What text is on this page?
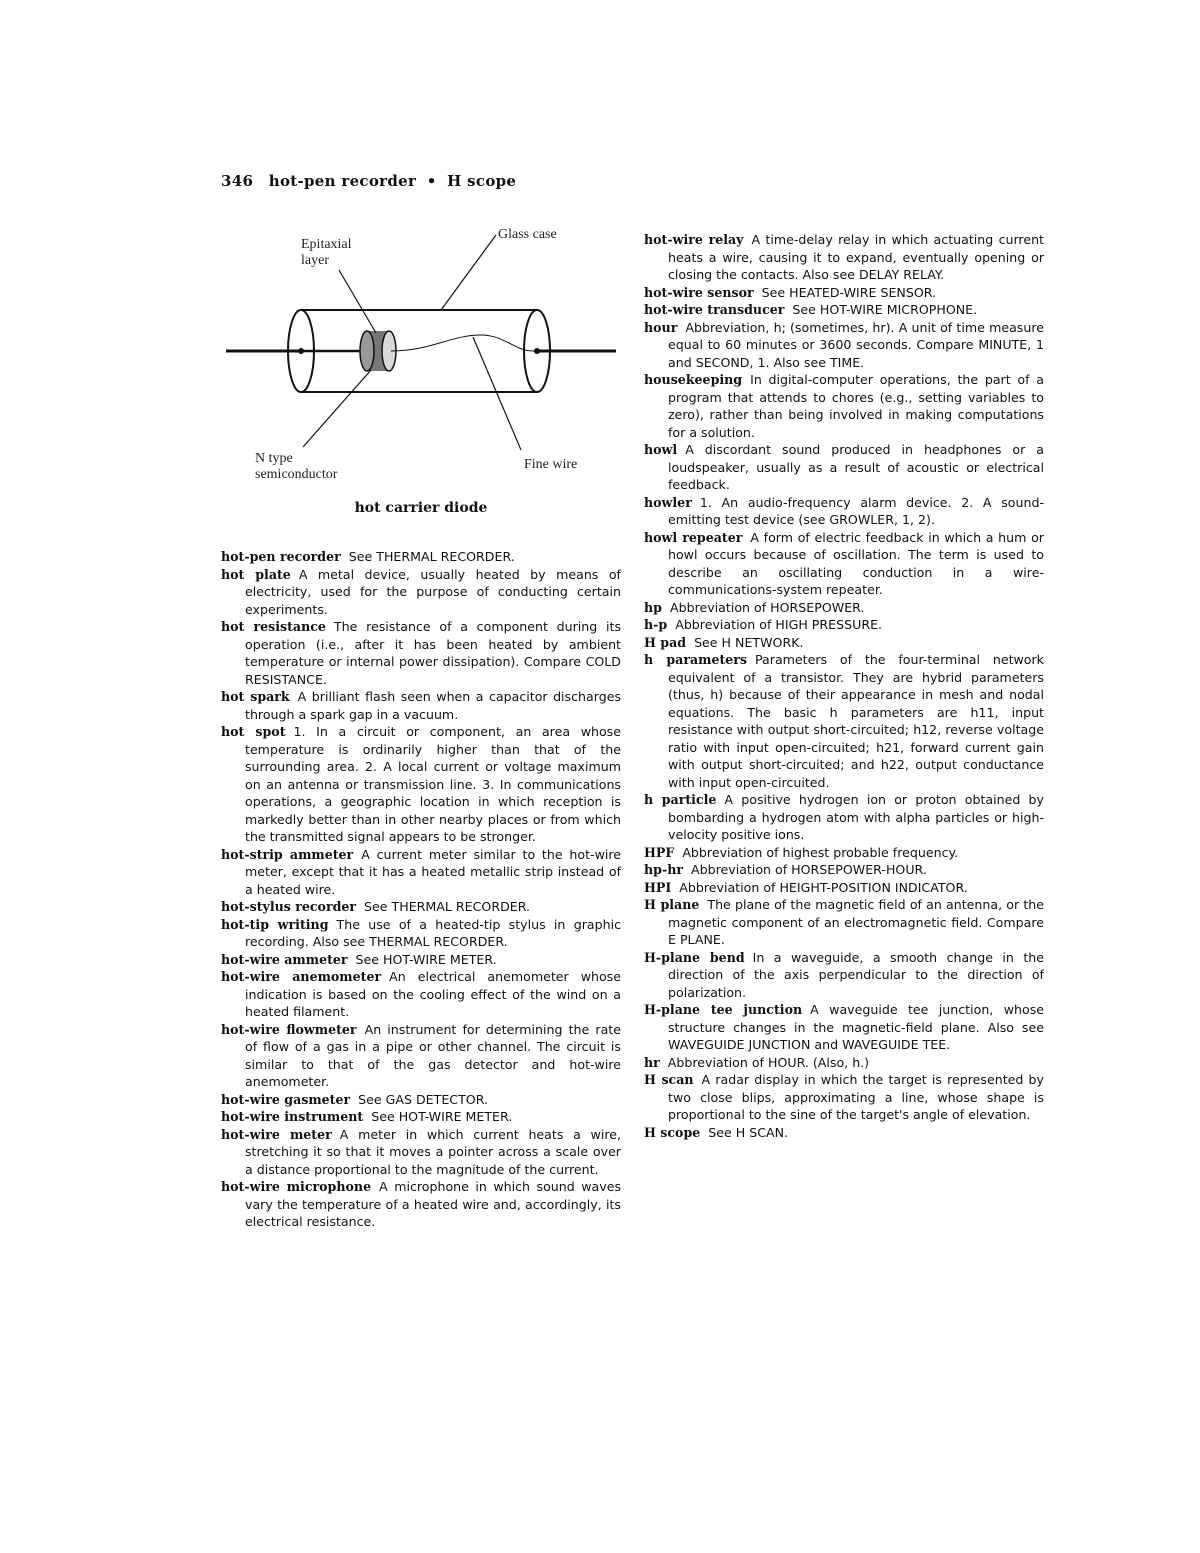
346 hot-pen recorder • H scope
Epitaxial
layer
Glass case
N type
semiconductor
Fine wire
hot carrier diode

hot-pen recorder See THERMAL RECORDER.

hot plate A metal device, usually heated by means of electricity, used for the purpose of conducting certain experiments.

hot resistance The resistance of a component during its operation (i.e., after it has been heated by ambient temperature or internal power dissipation). Compare COLD RESISTANCE.

hot spark A brilliant flash seen when a capacitor discharges through a spark gap in a vacuum.

hot spot 1. In a circuit or component, an area whose temperature is ordinarily higher than that of the surrounding area. 2. A local current or voltage maximum on an antenna or transmission line. 3. In communications operations, a geographic location in which reception is markedly better than in other nearby places or from which the transmitted signal appears to be stronger.

hot-strip ammeter A current meter similar to the hot-wire meter, except that it has a heated metallic strip instead of a heated wire.

hot-stylus recorder See THERMAL RECORDER.

hot-tip writing The use of a heated-tip stylus in graphic recording. Also see THERMAL RECORDER.

hot-wire ammeter See HOT-WIRE METER.

hot-wire anemometer An electrical anemometer whose indication is based on the cooling effect of the wind on a heated filament.

hot-wire flowmeter An instrument for determining the rate of flow of a gas in a pipe or other channel. The circuit is similar to that of the gas detector and hot-wire anemometer.

hot-wire gasmeter See GAS DETECTOR.

hot-wire instrument See HOT-WIRE METER.

hot-wire meter A meter in which current heats a wire, stretching it so that it moves a pointer across a scale over a distance proportional to the magnitude of the current.

hot-wire microphone A microphone in which sound waves vary the temperature of a heated wire and, accordingly, its electrical resistance.

hot-wire relay A time-delay relay in which actuating current heats a wire, causing it to expand, eventually opening or closing the contacts. Also see DELAY RELAY.

hot-wire sensor See HEATED-WIRE SENSOR.

hot-wire transducer See HOT-WIRE MICROPHONE.

hour Abbreviation, h; (sometimes, hr). A unit of time measure equal to 60 minutes or 3600 seconds. Compare MINUTE, 1 and SECOND, 1. Also see TIME.

housekeeping In digital-computer operations, the part of a program that attends to chores (e.g., setting variables to zero), rather than being involved in making computations for a solution.

howl A discordant sound produced in headphones or a loudspeaker, usually as a result of acoustic or electrical feedback.

howler 1. An audio-frequency alarm device. 2. A sound-emitting test device (see GROWLER, 1, 2).

howl repeater A form of electric feedback in which a hum or howl occurs because of oscillation. The term is used to describe an oscillating conduction in a wire-communications-system repeater.

hp Abbreviation of HORSEPOWER.

h-p Abbreviation of HIGH PRESSURE.

H pad See H NETWORK.

h parameters Parameters of the four-terminal network equivalent of a transistor. They are hybrid parameters (thus, h) because of their appearance in mesh and nodal equations. The basic h parameters are h11, input resistance with output short-circuited; h12, reverse voltage ratio with input open-circuited; h21, forward current gain with output short-circuited; and h22, output conductance with input open-circuited.

h particle A positive hydrogen ion or proton obtained by bombarding a hydrogen atom with alpha particles or high-velocity positive ions.

HPF Abbreviation of highest probable frequency.

hp-hr Abbreviation of HORSEPOWER-HOUR.

HPI Abbreviation of HEIGHT-POSITION INDICATOR.

H plane The plane of the magnetic field of an antenna, or the magnetic component of an electromagnetic field. Compare E PLANE.

H-plane bend In a waveguide, a smooth change in the direction of the axis perpendicular to the direction of polarization.

H-plane tee junction A waveguide tee junction, whose structure changes in the magnetic-field plane. Also see WAVEGUIDE JUNCTION and WAVEGUIDE TEE.

hr Abbreviation of HOUR. (Also, h.)

H scan A radar display in which the target is represented by two close blips, approximating a line, whose shape is proportional to the sine of the target's angle of elevation.

H scope See H SCAN.
